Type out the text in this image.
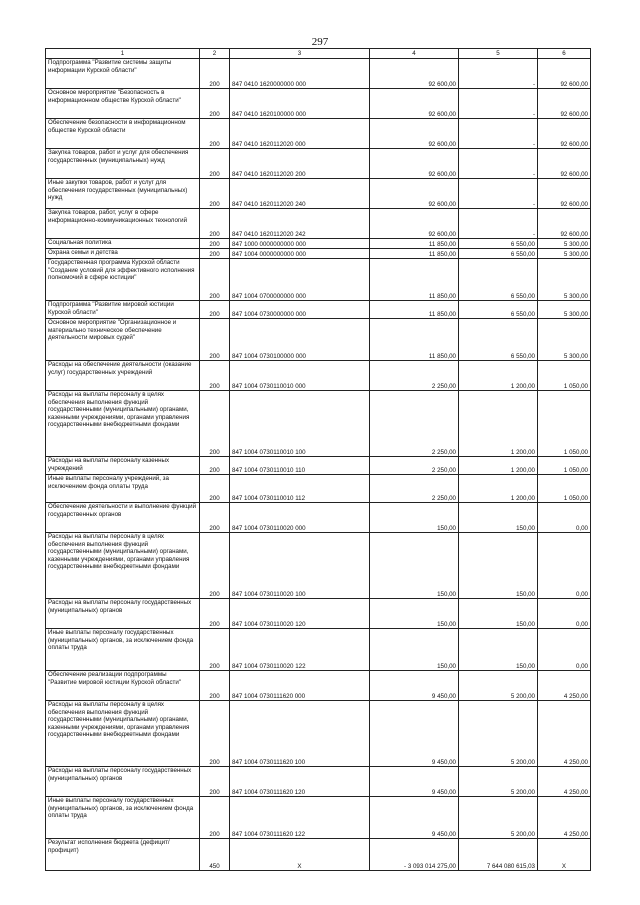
297
1	2	3	4	5	6
Подпрограмма "Развитие системы защиты информации Курской области"	200	847 0410 1620000000 000	92 600,00	-	92 600,00
Основное мероприятие "Безопасность в информационном обществе Курской области"	200	847 0410 1620100000 000	92 600,00	-	92 600,00
Обеспечение безопасности в информационном обществе Курской области	200	847 0410 1620112020 000	92 600,00	-	92 600,00
Закупка товаров, работ и услуг для обеспечения государственных (муниципальных) нужд	200	847 0410 1620112020 200	92 600,00	-	92 600,00
Иные закупки товаров, работ и услуг для обеспечения государственных (муниципальных) нужд	200	847 0410 1620112020 240	92 600,00	-	92 600,00
Закупка товаров, работ, услуг в сфере информационно-коммуникационных технологий	200	847 0410 1620112020 242	92 600,00	-	92 600,00
Социальная политика	200	847 1000 0000000000 000	11 850,00	6 550,00	5 300,00
Охрана семьи и детства	200	847 1004 0000000000 000	11 850,00	6 550,00	5 300,00
Государственная программа Курской области "Создание условий для эффективного исполнения полномочий в сфере юстиции"	200	847 1004 0700000000 000	11 850,00	6 550,00	5 300,00
Подпрограмма "Развитие мировой юстиции Курской области"	200	847 1004 0730000000 000	11 850,00	6 550,00	5 300,00
Основное мероприятие "Организационное и материально техническое обеспечение деятельности мировых судей"	200	847 1004 0730100000 000	11 850,00	6 550,00	5 300,00
Расходы на обеспечение деятельности (оказание услуг) государственных учреждений	200	847 1004 0730110010 000	2 250,00	1 200,00	1 050,00
Расходы на выплаты персоналу в целях обеспечения выполнения функций государственными (муниципальными) органами, казенными учреждениями, органами управления государственными внебюджетными фондами	200	847 1004 0730110010 100	2 250,00	1 200,00	1 050,00
Расходы на выплаты персоналу казенных учреждений	200	847 1004 0730110010 110	2 250,00	1 200,00	1 050,00
Иные выплаты персоналу учреждений, за исключением фонда оплаты труда	200	847 1004 0730110010 112	2 250,00	1 200,00	1 050,00
Обеспечение деятельности и выполнение функций государственных органов	200	847 1004 0730110020 000	150,00	150,00	0,00
Расходы на выплаты персоналу в целях обеспечения выполнения функций государственными (муниципальными) органами, казенными учреждениями, органами управления государственными внебюджетными фондами	200	847 1004 0730110020 100	150,00	150,00	0,00
Расходы на выплаты персоналу государственных (муниципальных) органов	200	847 1004 0730110020 120	150,00	150,00	0,00
Иные выплаты персоналу государственных (муниципальных) органов, за исключением фонда оплаты труда	200	847 1004 0730110020 122	150,00	150,00	0,00
Обеспечение реализации подпрограммы "Развитие мировой юстиции Курской области"	200	847 1004 0730111620 000	9 450,00	5 200,00	4 250,00
Расходы на выплаты персоналу в целях обеспечения выполнения функций государственными (муниципальными) органами, казенными учреждениями, органами управления государственными внебюджетными фондами	200	847 1004 0730111620 100	9 450,00	5 200,00	4 250,00
Расходы на выплаты персоналу государственных (муниципальных) органов	200	847 1004 0730111620 120	9 450,00	5 200,00	4 250,00
Иные выплаты персоналу государственных (муниципальных) органов, за исключением фонда оплаты труда	200	847 1004 0730111620 122	9 450,00	5 200,00	4 250,00
Результат исполнения бюджета (дефицит/профицит)	450	X	- 3 093 014 275,00	7 644 080 615,03	X
